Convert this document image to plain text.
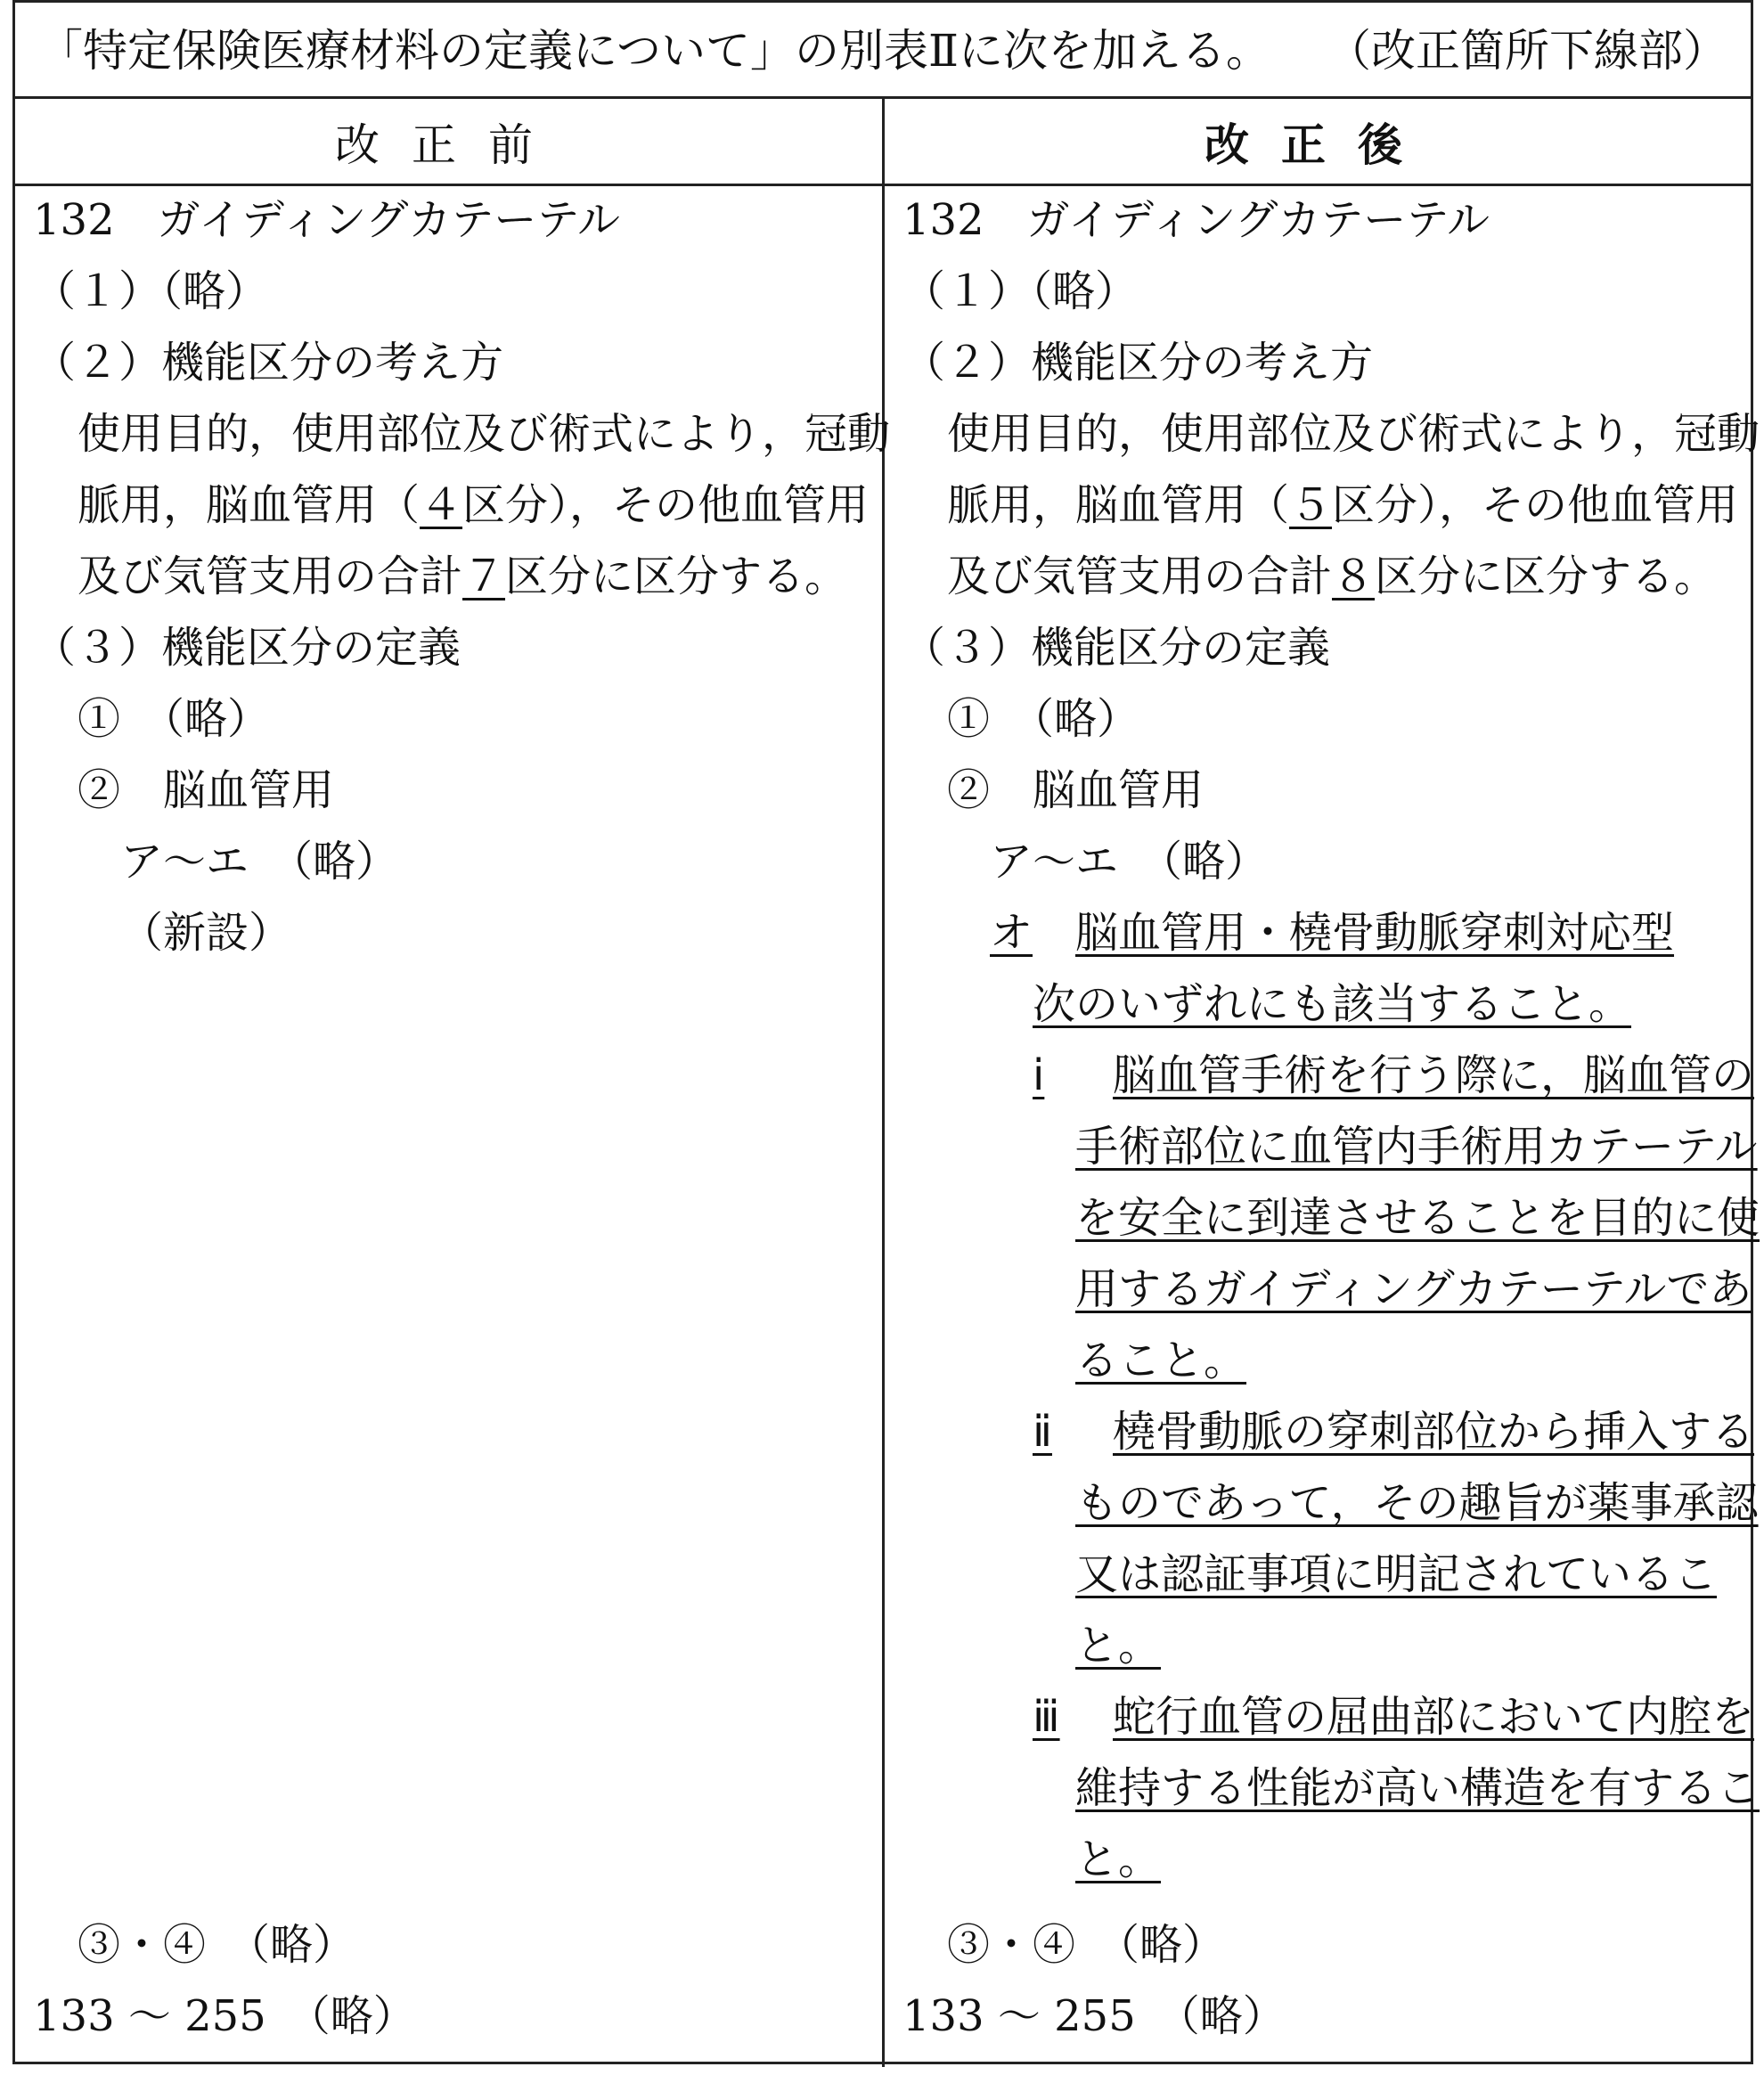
「特定保険医療材料の定義について」の別表Ⅱに次を加える。 （改正箇所下線部）
改正前	改正後
132　ガイディングカテーテル
（１）（略）
（２）機能区分の考え方
使用目的，使用部位及び術式により，冠動
脈用，脳血管用（４区分），その他血管用
及び気管支用の合計７区分に区分する。
（３）機能区分の定義
①　（略）
②　脳血管用
ア～エ　（略）
（新設）
③・④　（略）
133 ～ 255　（略）
132　ガイディングカテーテル
（１）（略）
（２）機能区分の考え方
使用目的，使用部位及び術式により，冠動
脈用，脳血管用（５区分），その他血管用
及び気管支用の合計８区分に区分する。
（３）機能区分の定義
①　（略）
②　脳血管用
ア～エ　（略）
オ 脳血管用・橈骨動脈穿刺対応型
次のいずれにも該当すること。
ⅰ 脳血管手術を行う際に，脳血管の
手術部位に血管内手術用カテーテル
を安全に到達させることを目的に使
用するガイディングカテーテルであ
ること。
ⅱ 橈骨動脈の穿刺部位から挿入する
ものであって，その趣旨が薬事承認
又は認証事項に明記されているこ
と。
ⅲ 蛇行血管の屈曲部において内腔を
維持する性能が高い構造を有するこ
と。
③・④　（略）
133 ～ 255　（略）
